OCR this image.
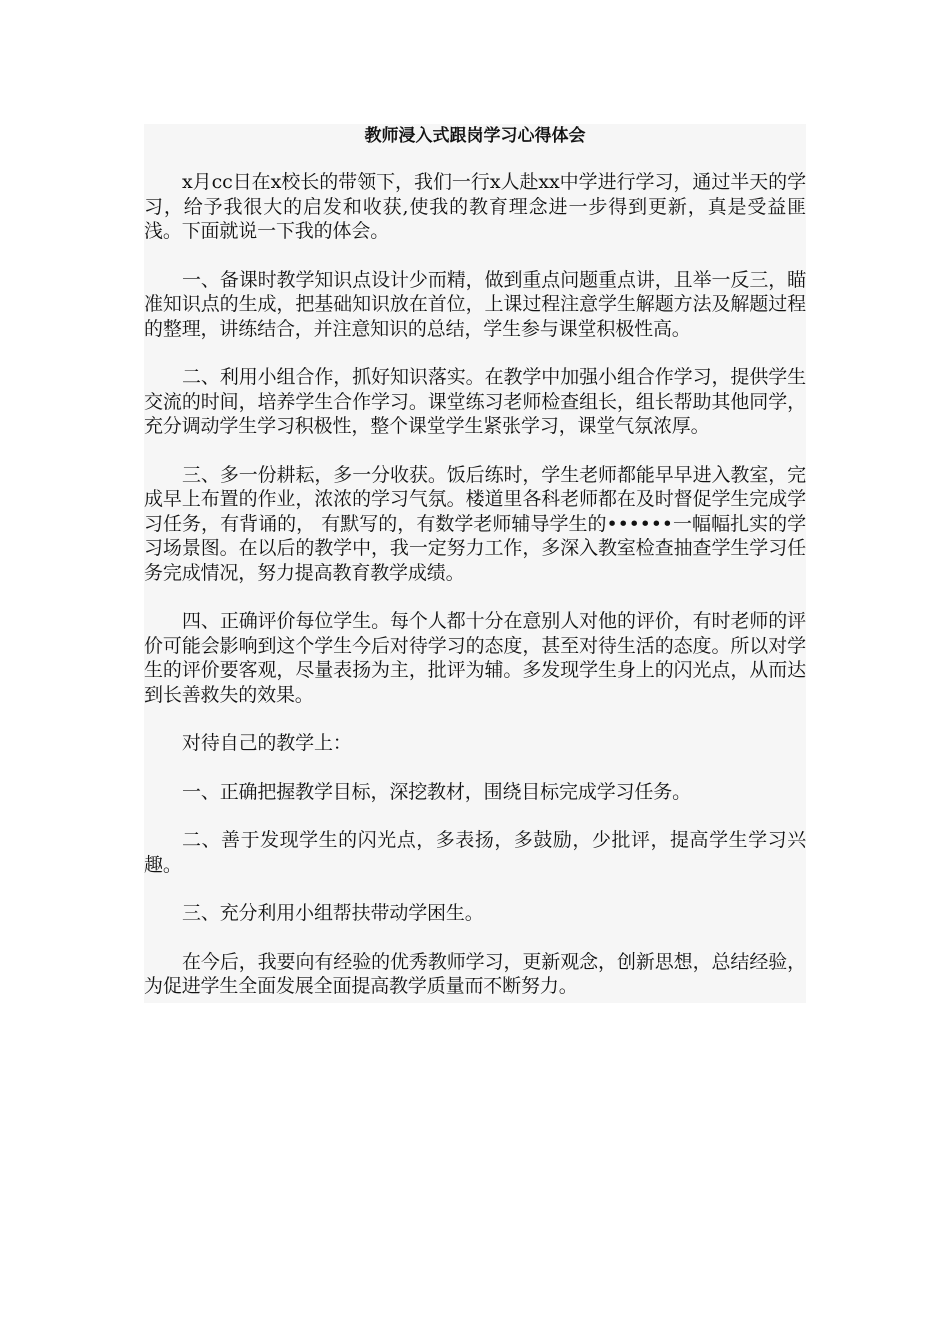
教师浸入式跟岗学习心得体会

x月cc日在x校长的带领下，我们一行x人赴xx中学进行学习，通过半天的学习，给予我很大的启发和收获,使我的教育理念进一步得到更新，真是受益匪浅。下面就说一下我的体会。

一、备课时教学知识点设计少而精，做到重点问题重点讲，且举一反三，瞄准知识点的生成，把基础知识放在首位，上课过程注意学生解题方法及解题过程的整理，讲练结合，并注意知识的总结，学生参与课堂积极性高。

二、利用小组合作，抓好知识落实。在教学中加强小组合作学习，提供学生交流的时间，培养学生合作学习。课堂练习老师检查组长，组长帮助其他同学，充分调动学生学习积极性，整个课堂学生紧张学习，课堂气氛浓厚。

三、多一份耕耘，多一分收获。饭后练时，学生老师都能早早进入教室，完成早上布置的作业，浓浓的学习气氛。楼道里各科老师都在及时督促学生完成学习任务，有背诵的， 有默写的，有数学老师辅导学生的••••••一幅幅扎实的学习场景图。在以后的教学中，我一定努力工作，多深入教室检查抽查学生学习任务完成情况，努力提高教育教学成绩。

四、正确评价每位学生。每个人都十分在意别人对他的评价，有时老师的评价可能会影响到这个学生今后对待学习的态度，甚至对待生活的态度。所以对学生的评价要客观，尽量表扬为主，批评为辅。多发现学生身上的闪光点，从而达到长善救失的效果。

对待自己的教学上：

一、正确把握教学目标，深挖教材，围绕目标完成学习任务。

二、善于发现学生的闪光点，多表扬，多鼓励，少批评，提高学生学习兴趣。

三、充分利用小组帮扶带动学困生。

在今后，我要向有经验的优秀教师学习，更新观念，创新思想，总结经验，为促进学生全面发展全面提高教学质量而不断努力。
